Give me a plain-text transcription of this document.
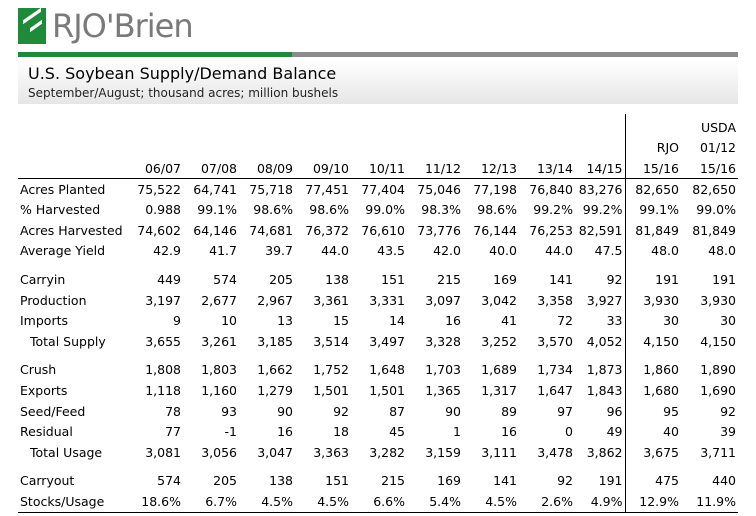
RJO'Brien
U.S. Soybean Supply/Demand Balance
September/August; thousand acres; million bushels
											USDA
										RJO	01/12
	06/07	07/08	08/09	09/10	10/11	11/12	12/13	13/14	14/15	15/16	15/16
Acres Planted	75,522	64,741	75,718	77,451	77,404	75,046	77,198	76,840	83,276	82,650	82,650
% Harvested	0.988	99.1%	98.6%	98.6%	99.0%	98.3%	98.6%	99.2%	99.2%	99.1%	99.0%
Acres Harvested	74,602	64,146	74,681	76,372	76,610	73,776	76,144	76,253	82,591	81,849	81,849
Average Yield	42.9	41.7	39.7	44.0	43.5	42.0	40.0	44.0	47.5	48.0	48.0

Carryin	449	574	205	138	151	215	169	141	92	191	191
Production	3,197	2,677	2,967	3,361	3,331	3,097	3,042	3,358	3,927	3,930	3,930
Imports	9	10	13	15	14	16	41	72	33	30	30
Total Supply	3,655	3,261	3,185	3,514	3,497	3,328	3,252	3,570	4,052	4,150	4,150

Crush	1,808	1,803	1,662	1,752	1,648	1,703	1,689	1,734	1,873	1,860	1,890
Exports	1,118	1,160	1,279	1,501	1,501	1,365	1,317	1,647	1,843	1,680	1,690
Seed/Feed	78	93	90	92	87	90	89	97	96	95	92
Residual	77	-1	16	18	45	1	16	0	49	40	39
Total Usage	3,081	3,056	3,047	3,363	3,282	3,159	3,111	3,478	3,862	3,675	3,711

Carryout	574	205	138	151	215	169	141	92	191	475	440
Stocks/Usage	18.6%	6.7%	4.5%	4.5%	6.6%	5.4%	4.5%	2.6%	4.9%	12.9%	11.9%
